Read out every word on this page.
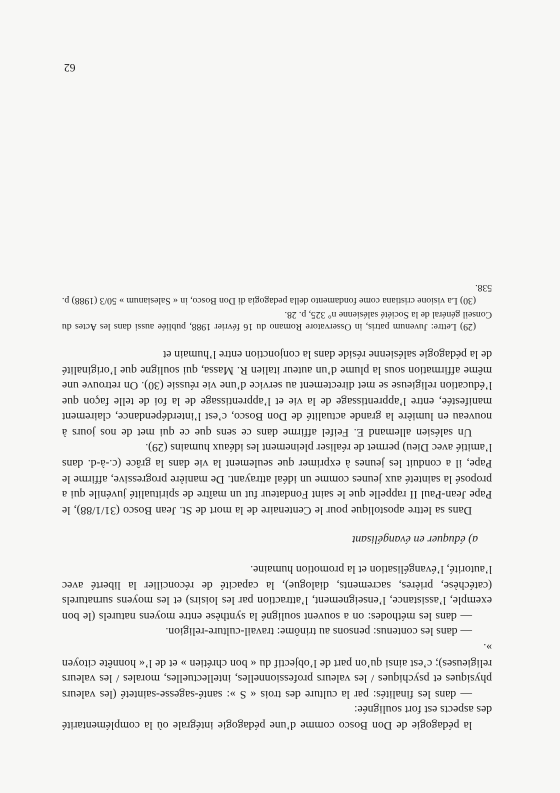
la pédagogie de Don Bosco comme d’une pédagogie intégrale où la complémentarité des aspects est fort soulignée:

— dans les finalités: par la culture des trois « S »: santé-sagesse-sainteté (les valeurs physiques et psychiques / les valeurs professionnelles, intellectuelles, morales / les valeurs religieuses); c’est ainsi qu’on part de l’objectif du « bon chrétien » et de l’« honnête citoyen ».

— dans les contenus: pensons au trinôme: travail-culture-religion.

— dans les méthodes: on a souvent souligné la synthèse entre moyens naturels (le bon exemple, l’assistance, l’enseignement, l’attraction par les loisirs) et les moyens surnaturels (catéchèse, prières, sacrements, dialogue), la capacité de réconcilier la liberté avec l’autorité, l’évangélisation et la promotion humaine.

a) éduquer en évangélisant

Dans sa lettre apostolique pour le Centenaire de la mort de St. Jean Bosco (31/1/88), le Pape Jean-Paul II rappelle que le saint Fondateur fut un maître de spiritualité juvénile qui a proposé la sainteté aux jeunes comme un idéal attrayant. De manière progressive, affirme le Pape, il a conduit les jeunes à exprimer que seulement la vie dans la grâce (c.-à-d. dans l’amitié avec Dieu) permet de réaliser pleinement les idéaux humains (29).

Un salésien allemand E. Feifel affirme dans ce sens que ce qui met de nos jours à nouveau en lumière la grande actualité de Don Bosco, c’est l’interdépendance, clairement manifestée, entre l’apprentissage de la vie et l’apprentissage de la foi de telle façon que l’éducation religieuse se met directement au service d’une vie réussie (30). On retrouve une même affirmation sous la plume d’un auteur italien R. Massa, qui souligne que l’originalité de la pédagogie salésienne réside dans la conjonction entre l’humain et

(29) Lettre: Juvenum patris, in Osservatore Romano du 16 février 1988, publiée aussi dans les Actes du Conseil général de la Société salésienne n° 325, p. 28.

(30) La visione cristiana come fondamento della pedagogia di Don Bosco, in « Salesianum » 50/3 (1988) p. 538.

62
